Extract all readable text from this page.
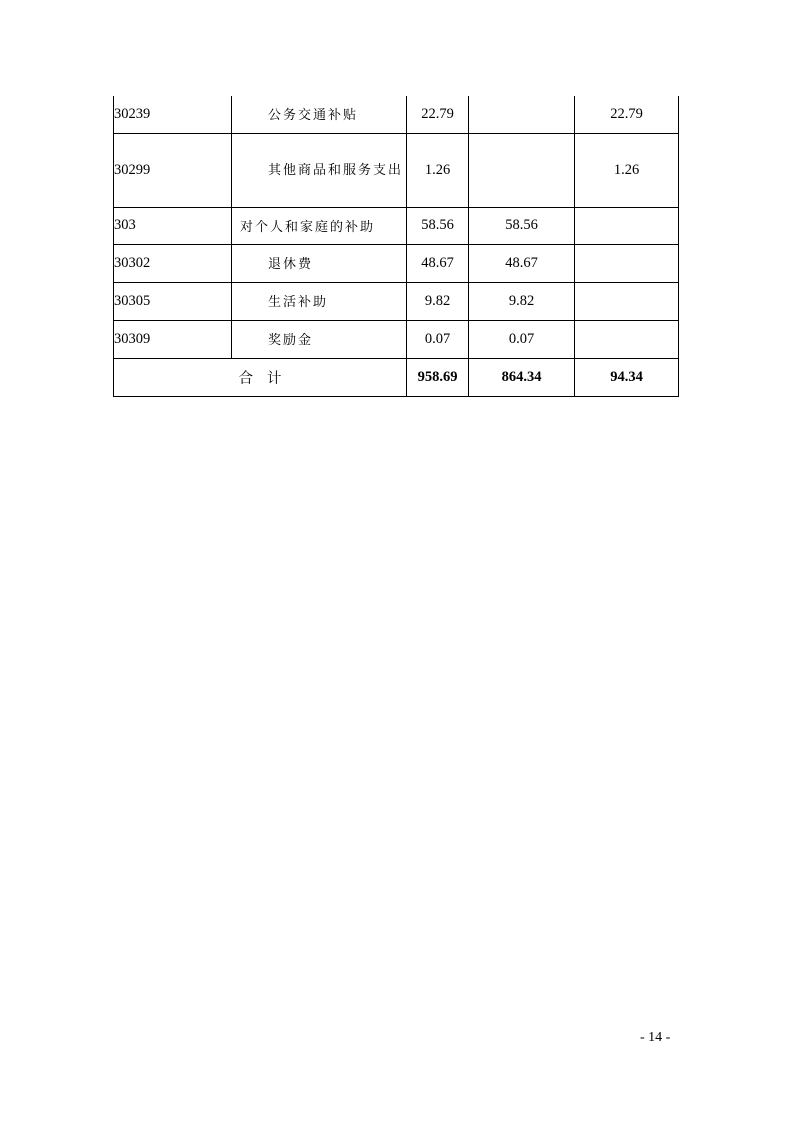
30239	公务交通补贴	22.79		22.79
30299	其他商品和服务支出	1.26		1.26
303	对个人和家庭的补助	58.56	58.56	
30302	退休费	48.67	48.67	
30305	生活补助	9.82	9.82	
30309	奖励金	0.07	0.07	
合计		958.69	864.34	94.34
- 14 -
